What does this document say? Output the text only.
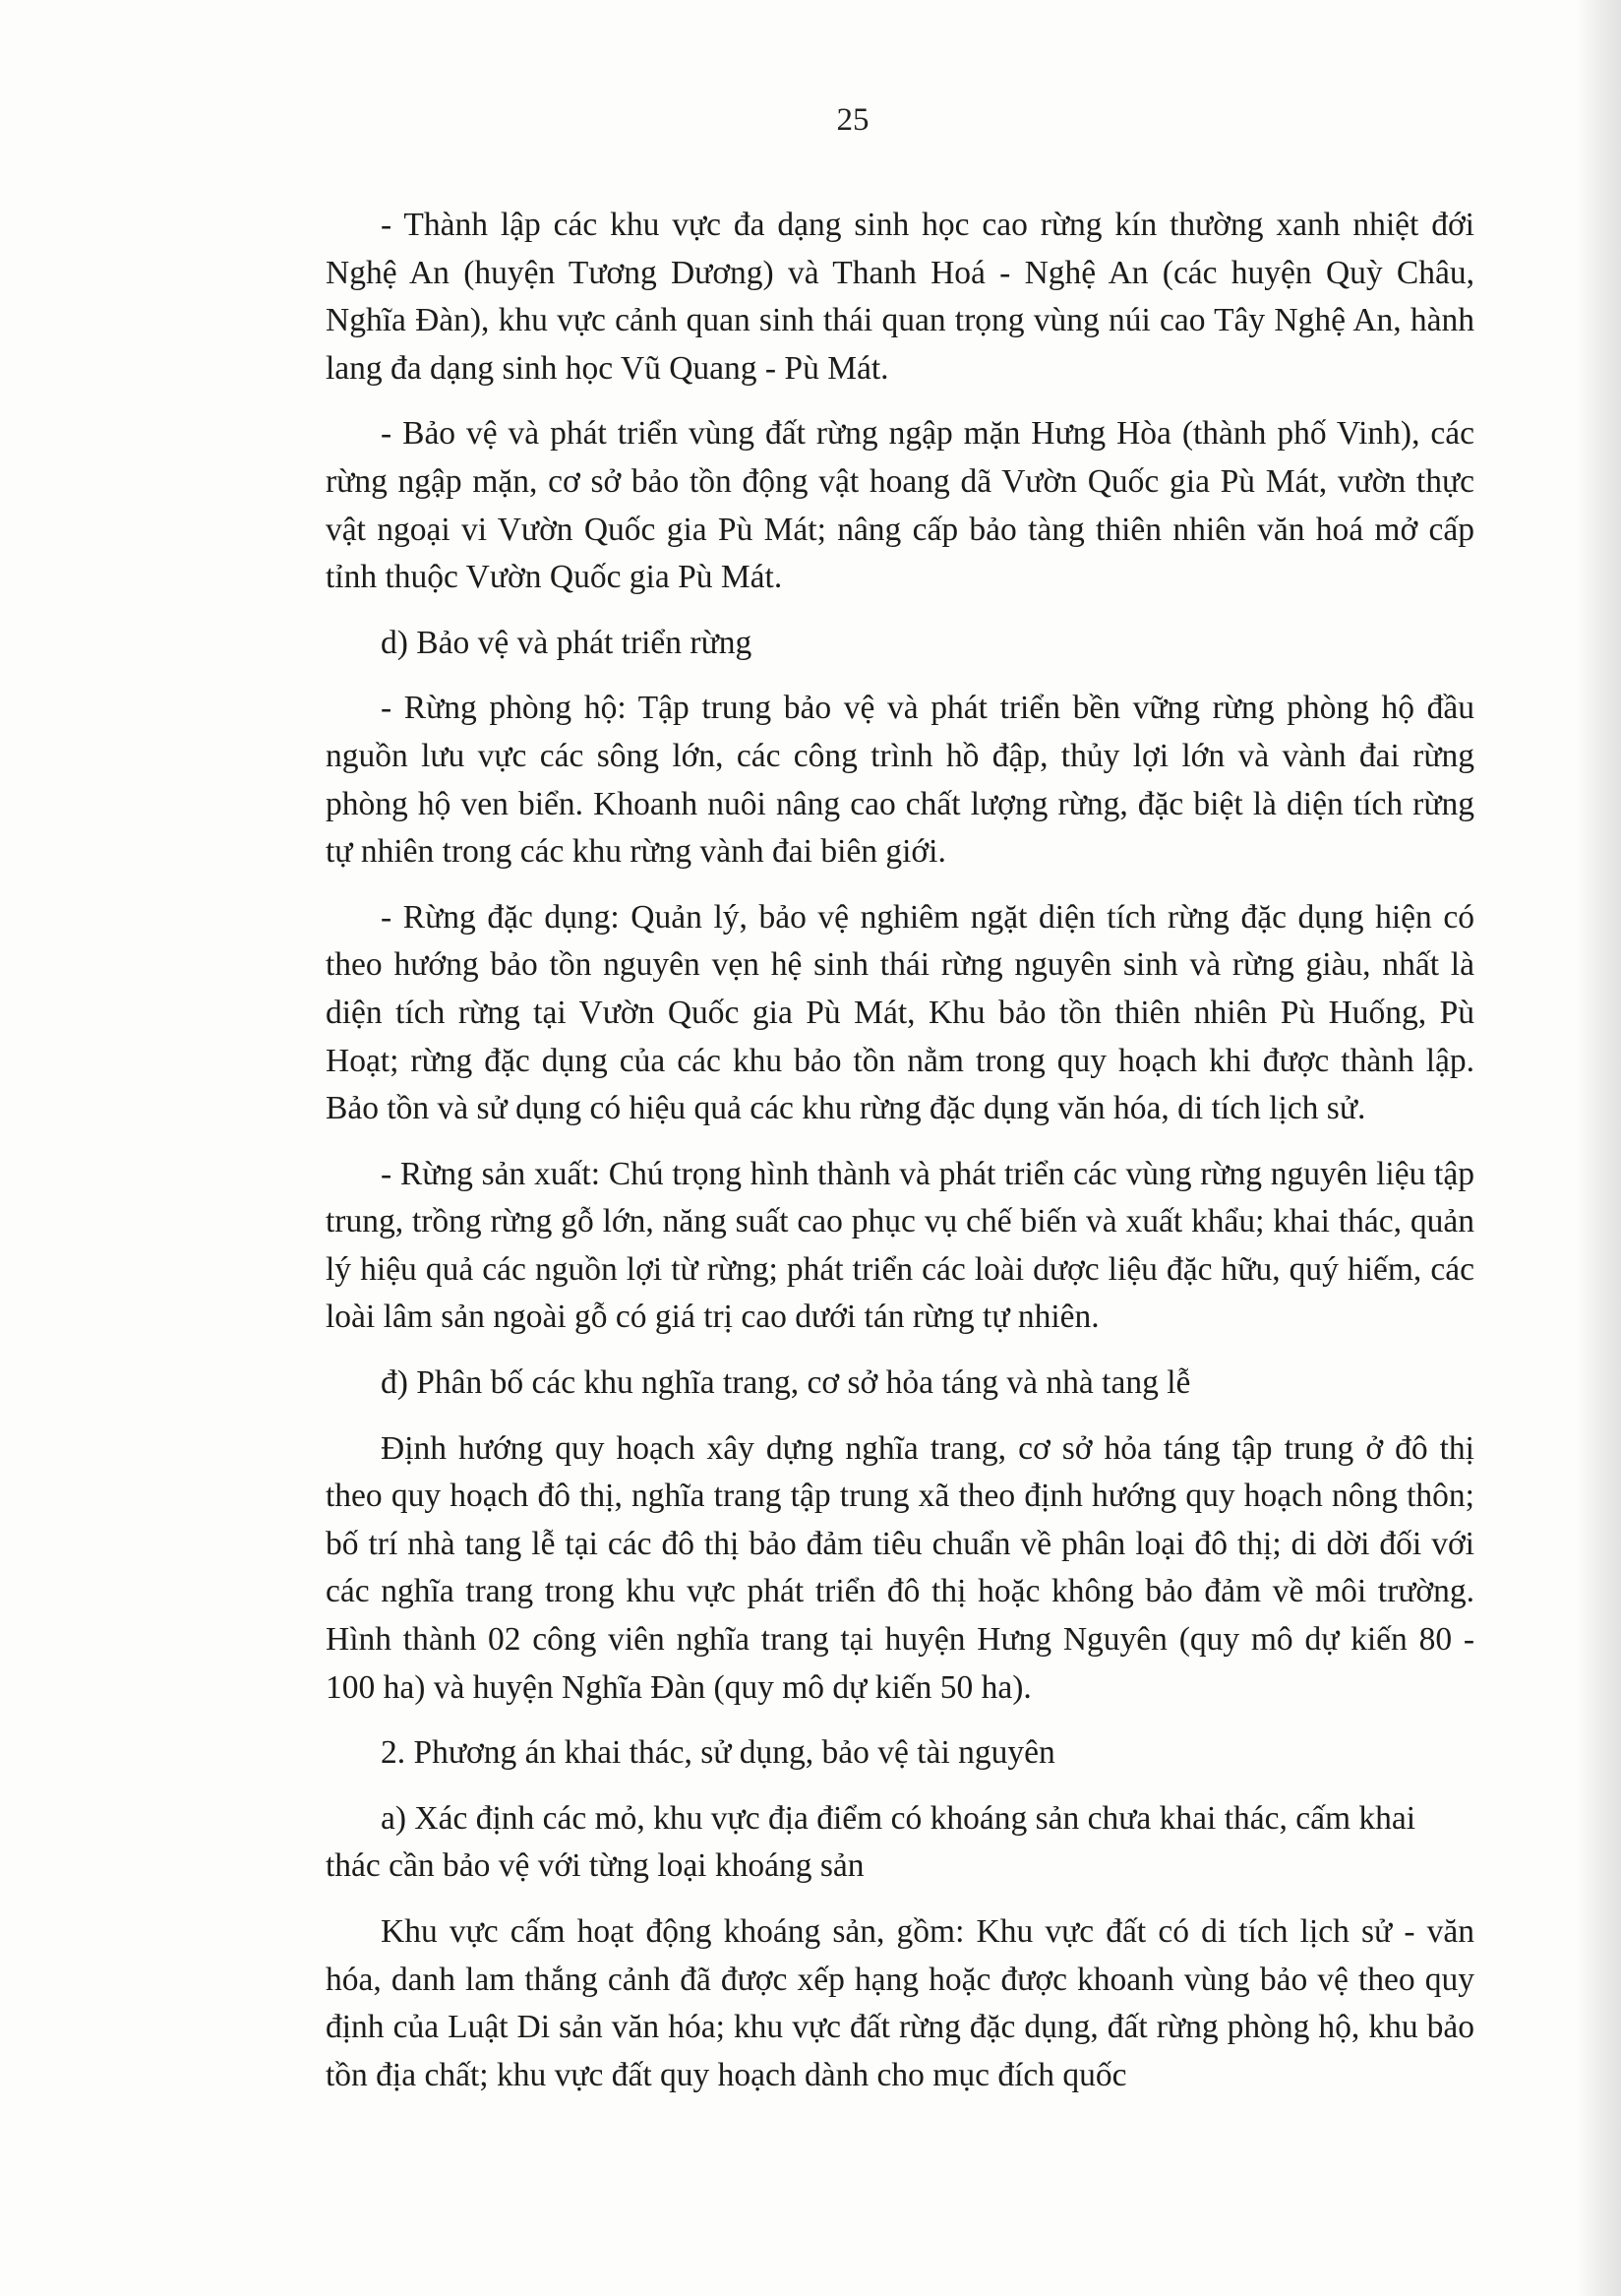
25

- Thành lập các khu vực đa dạng sinh học cao rừng kín thường xanh nhiệt đới Nghệ An (huyện Tương Dương) và Thanh Hoá - Nghệ An (các huyện Quỳ Châu, Nghĩa Đàn), khu vực cảnh quan sinh thái quan trọng vùng núi cao Tây Nghệ An, hành lang đa dạng sinh học Vũ Quang - Pù Mát.

- Bảo vệ và phát triển vùng đất rừng ngập mặn Hưng Hòa (thành phố Vinh), các rừng ngập mặn, cơ sở bảo tồn động vật hoang dã Vườn Quốc gia Pù Mát, vườn thực vật ngoại vi Vườn Quốc gia Pù Mát; nâng cấp bảo tàng thiên nhiên văn hoá mở cấp tỉnh thuộc Vườn Quốc gia Pù Mát.

d) Bảo vệ và phát triển rừng

- Rừng phòng hộ: Tập trung bảo vệ và phát triển bền vững rừng phòng hộ đầu nguồn lưu vực các sông lớn, các công trình hồ đập, thủy lợi lớn và vành đai rừng phòng hộ ven biển. Khoanh nuôi nâng cao chất lượng rừng, đặc biệt là diện tích rừng tự nhiên trong các khu rừng vành đai biên giới.

- Rừng đặc dụng: Quản lý, bảo vệ nghiêm ngặt diện tích rừng đặc dụng hiện có theo hướng bảo tồn nguyên vẹn hệ sinh thái rừng nguyên sinh và rừng giàu, nhất là diện tích rừng tại Vườn Quốc gia Pù Mát, Khu bảo tồn thiên nhiên Pù Huống, Pù Hoạt; rừng đặc dụng của các khu bảo tồn nằm trong quy hoạch khi được thành lập. Bảo tồn và sử dụng có hiệu quả các khu rừng đặc dụng văn hóa, di tích lịch sử.

- Rừng sản xuất: Chú trọng hình thành và phát triển các vùng rừng nguyên liệu tập trung, trồng rừng gỗ lớn, năng suất cao phục vụ chế biến và xuất khẩu; khai thác, quản lý hiệu quả các nguồn lợi từ rừng; phát triển các loài dược liệu đặc hữu, quý hiếm, các loài lâm sản ngoài gỗ có giá trị cao dưới tán rừng tự nhiên.

đ) Phân bố các khu nghĩa trang, cơ sở hỏa táng và nhà tang lễ

Định hướng quy hoạch xây dựng nghĩa trang, cơ sở hỏa táng tập trung ở đô thị theo quy hoạch đô thị, nghĩa trang tập trung xã theo định hướng quy hoạch nông thôn; bố trí nhà tang lễ tại các đô thị bảo đảm tiêu chuẩn về phân loại đô thị; di dời đối với các nghĩa trang trong khu vực phát triển đô thị hoặc không bảo đảm về môi trường. Hình thành 02 công viên nghĩa trang tại huyện Hưng Nguyên (quy mô dự kiến 80 - 100 ha) và huyện Nghĩa Đàn (quy mô dự kiến 50 ha).

2. Phương án khai thác, sử dụng, bảo vệ tài nguyên

a) Xác định các mỏ, khu vực địa điểm có khoáng sản chưa khai thác, cấm khai thác cần bảo vệ với từng loại khoáng sản

Khu vực cấm hoạt động khoáng sản, gồm: Khu vực đất có di tích lịch sử - văn hóa, danh lam thắng cảnh đã được xếp hạng hoặc được khoanh vùng bảo vệ theo quy định của Luật Di sản văn hóa; khu vực đất rừng đặc dụng, đất rừng phòng hộ, khu bảo tồn địa chất; khu vực đất quy hoạch dành cho mục đích quốc
